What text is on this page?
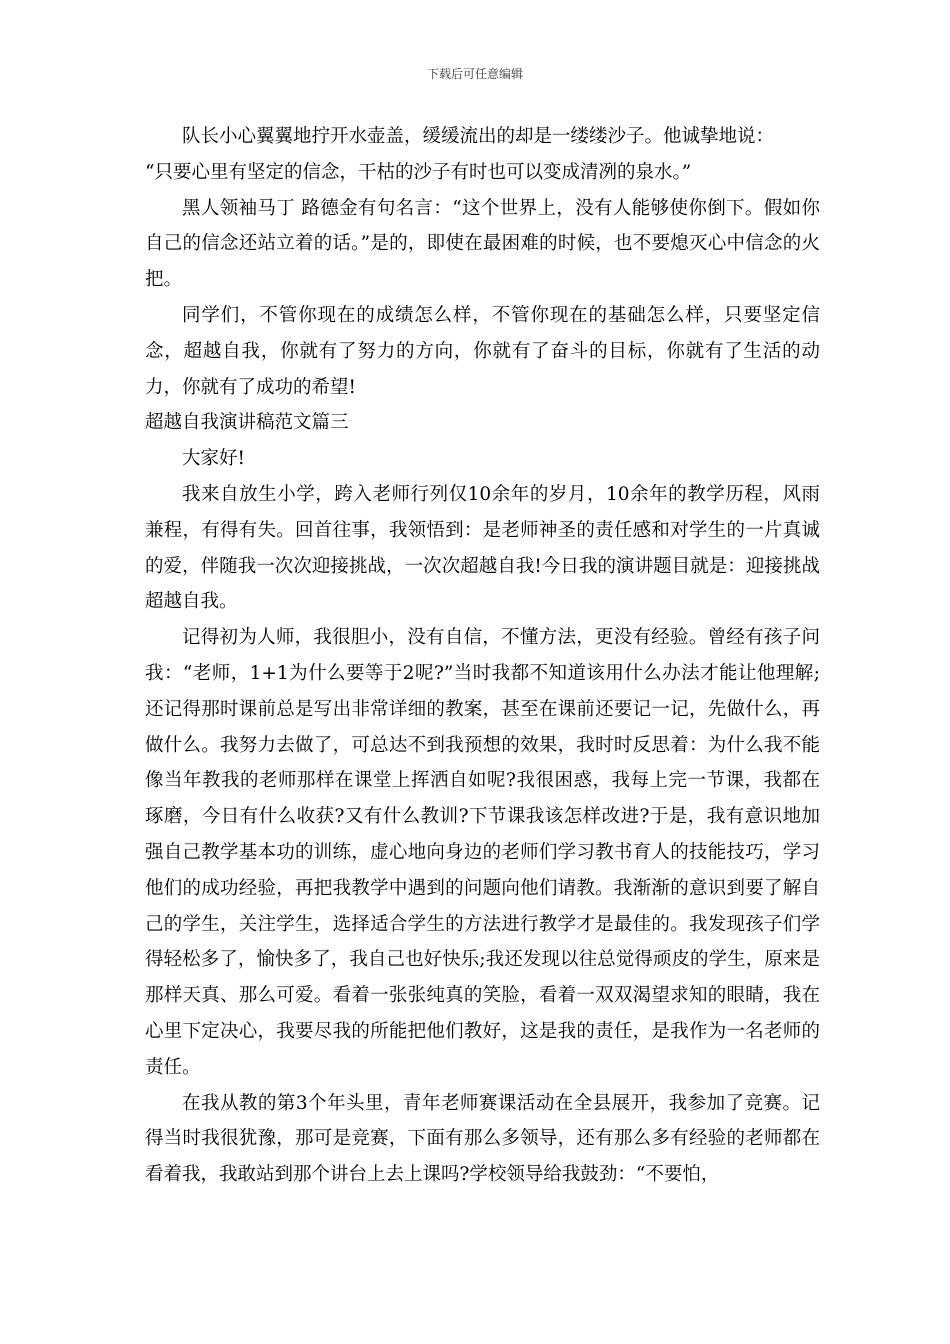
下载后可任意编辑

队长小心翼翼地拧开水壶盖，缓缓流出的却是一缕缕沙子。他诚挚地说：

“只要心里有坚定的信念，干枯的沙子有时也可以变成清冽的泉水。”

黑人领袖马丁 路德金有句名言：“这个世界上，没有人能够使你倒下。假如你自己的信念还站立着的话。”是的，即使在最困难的时候，也不要熄灭心中信念的火把。

同学们，不管你现在的成绩怎么样，不管你现在的基础怎么样，只要坚定信念，超越自我，你就有了努力的方向，你就有了奋斗的目标，你就有了生活的动力，你就有了成功的希望!

超越自我演讲稿范文篇三

大家好!

我来自放生小学，跨入老师行列仅10余年的岁月，10余年的教学历程，风雨兼程，有得有失。回首往事，我领悟到：是老师神圣的责任感和对学生的一片真诚的爱，伴随我一次次迎接挑战，一次次超越自我!今日我的演讲题目就是：迎接挑战 超越自我。

记得初为人师，我很胆小，没有自信，不懂方法，更没有经验。曾经有孩子问我：“老师，1+1为什么要等于2呢?”当时我都不知道该用什么办法才能让他理解;还记得那时课前总是写出非常详细的教案，甚至在课前还要记一记，先做什么，再做什么。我努力去做了，可总达不到我预想的效果，我时时反思着：为什么我不能像当年教我的老师那样在课堂上挥洒自如呢?我很困惑，我每上完一节课，我都在琢磨，今日有什么收获?又有什么教训?下节课我该怎样改进?于是，我有意识地加强自己教学基本功的训练，虚心地向身边的老师们学习教书育人的技能技巧，学习他们的成功经验，再把我教学中遇到的问题向他们请教。我渐渐的意识到要了解自己的学生，关注学生，选择适合学生的方法进行教学才是最佳的。我发现孩子们学得轻松多了，愉快多了，我自己也好快乐;我还发现以往总觉得顽皮的学生，原来是那样天真、那么可爱。看着一张张纯真的笑脸，看着一双双渴望求知的眼睛，我在心里下定决心，我要尽我的所能把他们教好，这是我的责任，是我作为一名老师的责任。

在我从教的第3个年头里，青年老师赛课活动在全县展开，我参加了竞赛。记得当时我很犹豫，那可是竞赛，下面有那么多领导，还有那么多有经验的老师都在看着我，我敢站到那个讲台上去上课吗?学校领导给我鼓劲：“不要怕，
